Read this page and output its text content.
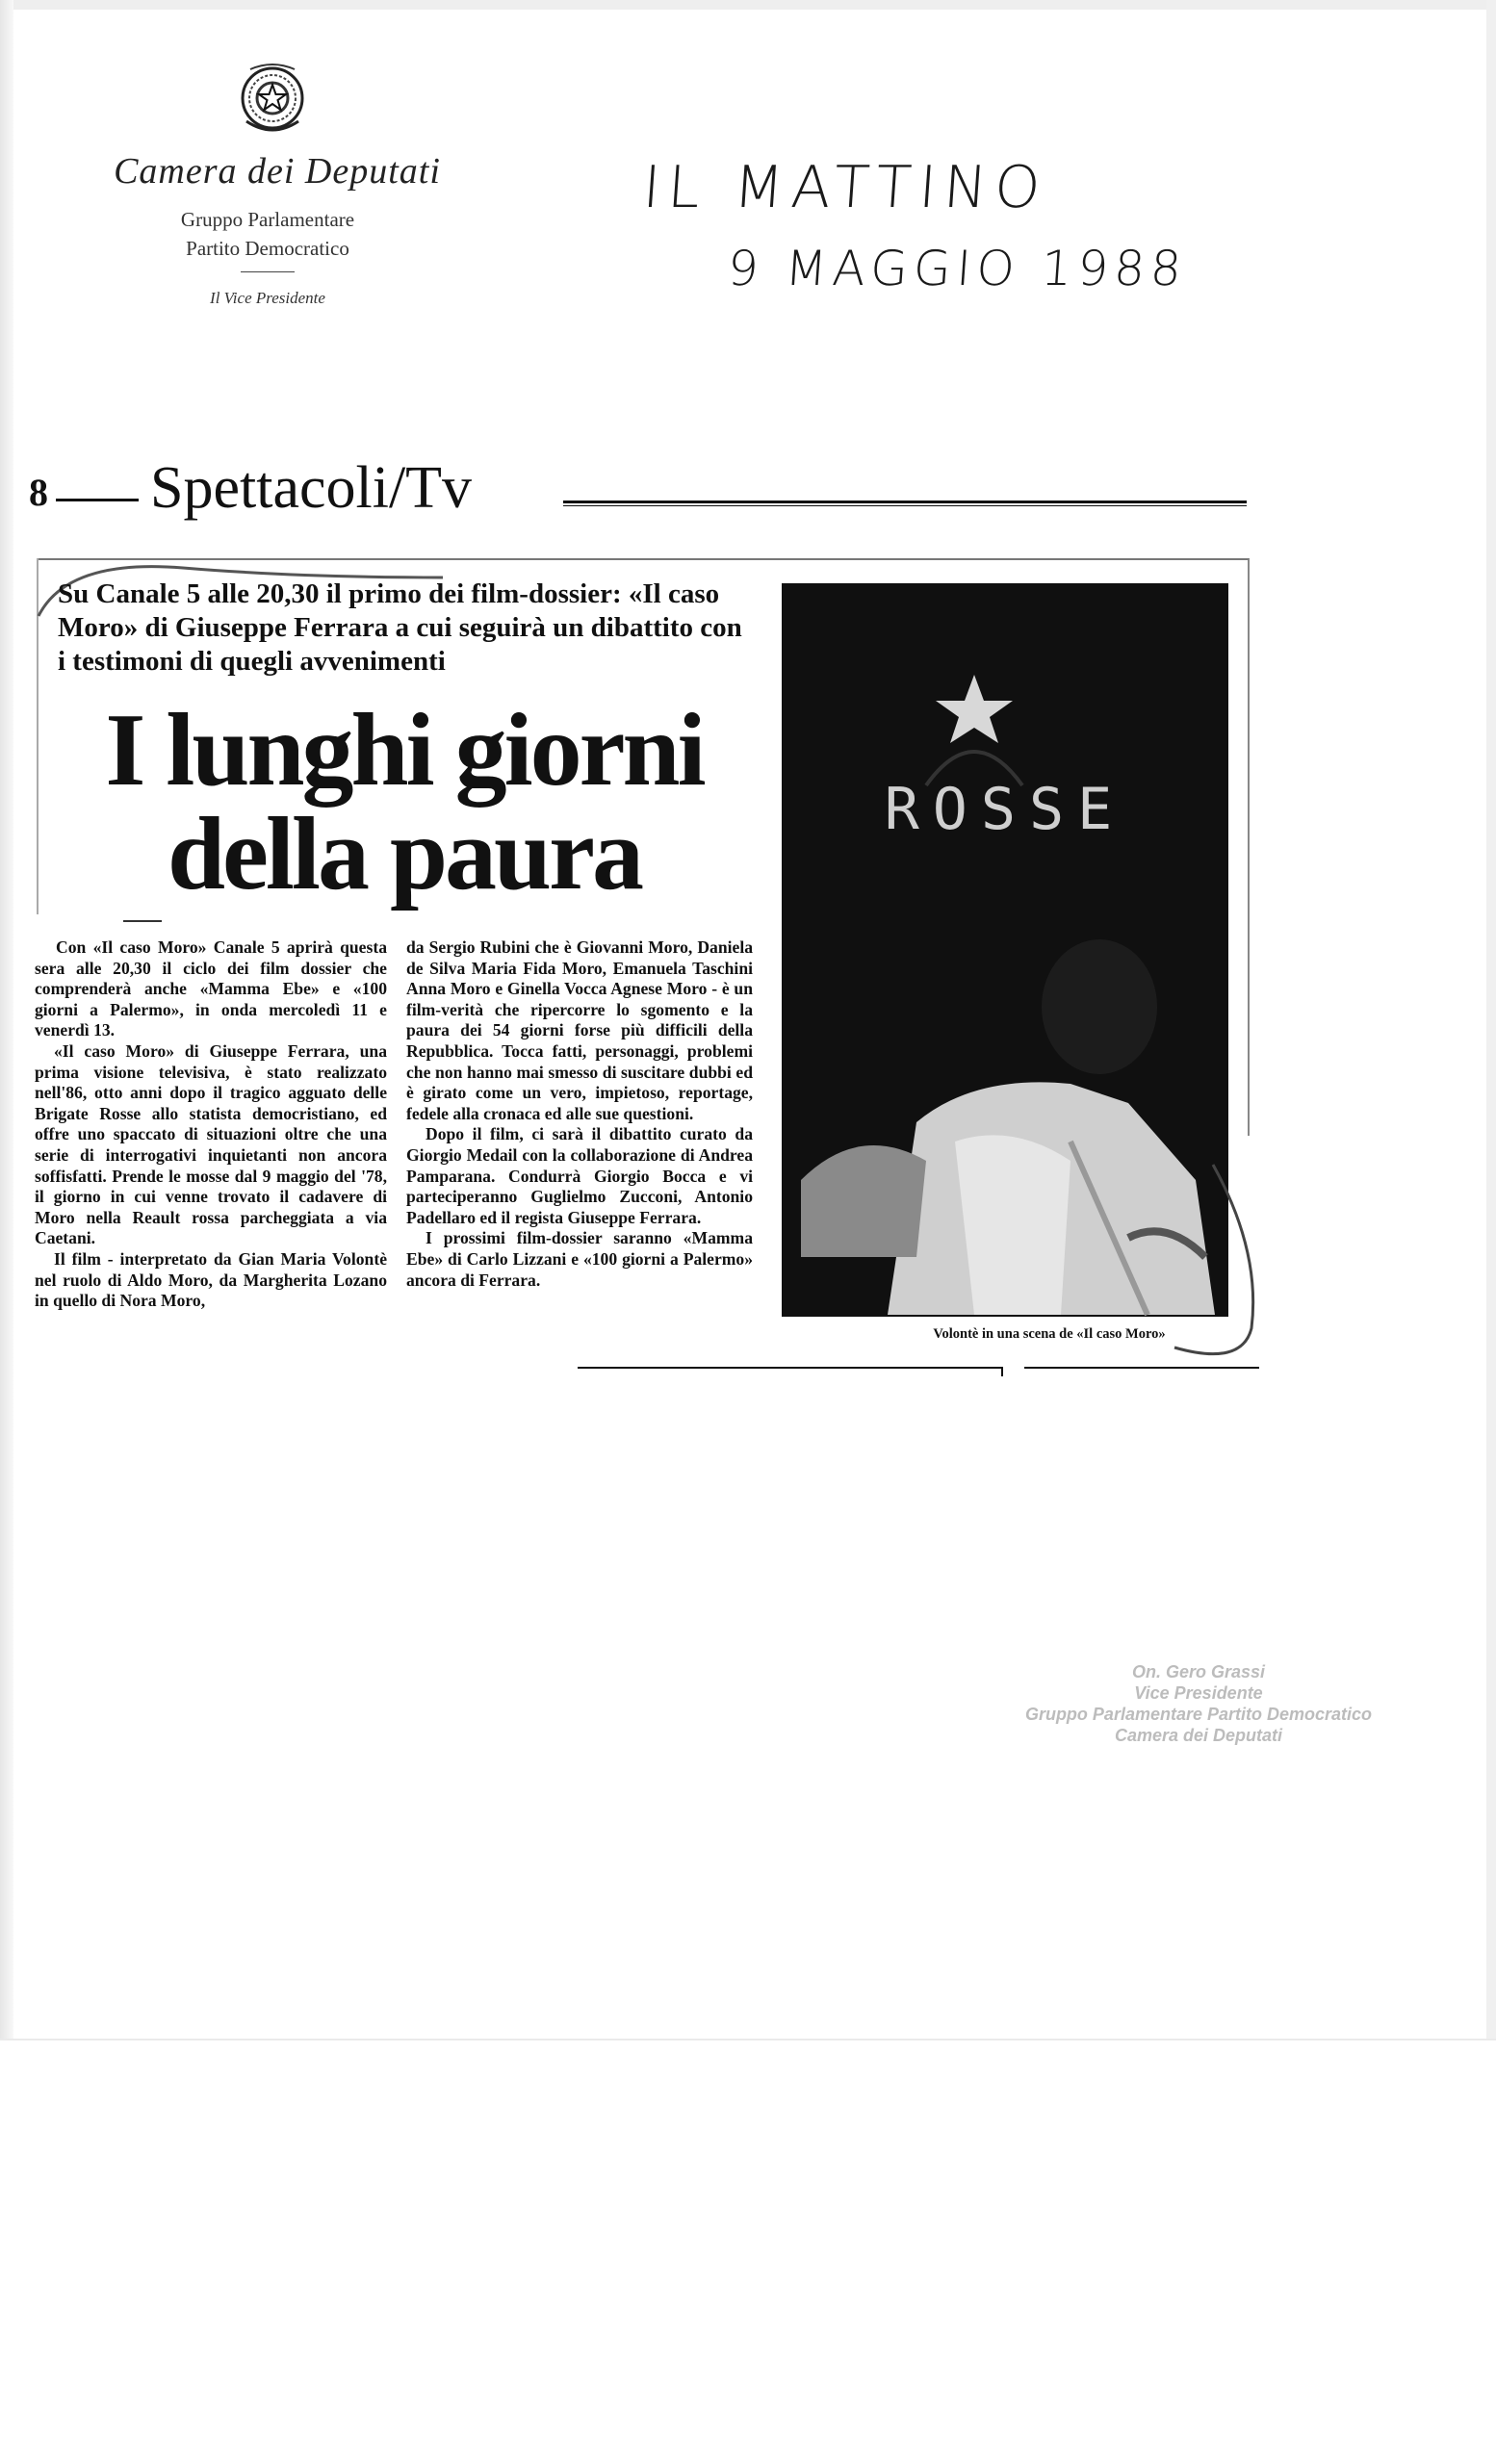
Camera dei Deputati
Gruppo Parlamentare
Partito Democratico
Il Vice Presidente
IL MATTINO
9 MAGGIO 1988
8 Spettacoli/Tv
Su Canale 5 alle 20,30 il primo dei film-dossier: «Il caso Moro» di Giuseppe Ferrara a cui seguirà un dibattito con i testimoni di quegli avvenimenti
I lunghi giorni
della paura

Con «Il caso Moro» Canale 5 aprirà questa sera alle 20,30 il ciclo dei film dossier che comprenderà anche «Mamma Ebe» e «100 giorni a Palermo», in onda mercoledì 11 e venerdì 13.

«Il caso Moro» di Giuseppe Ferrara, una prima visione televisiva, è stato realizzato nell'86, otto anni dopo il tragico agguato delle Brigate Rosse allo statista democristiano, ed offre uno spaccato di situazioni oltre che una serie di interrogativi inquietanti non ancora soffisfatti. Prende le mosse dal 9 maggio del '78, il giorno in cui venne trovato il cadavere di Moro nella Reault rossa parcheggiata a via Caetani.

Il film - interpretato da Gian Maria Volontè nel ruolo di Aldo Moro, da Margherita Lozano in quello di Nora Moro,

da Sergio Rubini che è Giovanni Moro, Daniela de Silva Maria Fida Moro, Emanuela Taschini Anna Moro e Ginella Vocca Agnese Moro - è un film-verità che ripercorre lo sgomento e la paura dei 54 giorni forse più difficili della Repubblica. Tocca fatti, personaggi, problemi che non hanno mai smesso di suscitare dubbi ed è girato come un vero, impietoso, reportage, fedele alla cronaca ed alle sue questioni.

Dopo il film, ci sarà il dibattito curato da Giorgio Medail con la collaborazione di Andrea Pamparana. Condurrà Giorgio Bocca e vi parteciperanno Guglielmo Zucconi, Antonio Padellaro ed il regista Giuseppe Ferrara.

I prossimi film-dossier saranno «Mamma Ebe» di Carlo Lizzani e «100 giorni a Palermo» ancora di Ferrara.

ROSSE
Volontè in una scena de «Il caso Moro»
On. Gero Grassi
Vice Presidente
Gruppo Parlamentare Partito Democratico
Camera dei Deputati
